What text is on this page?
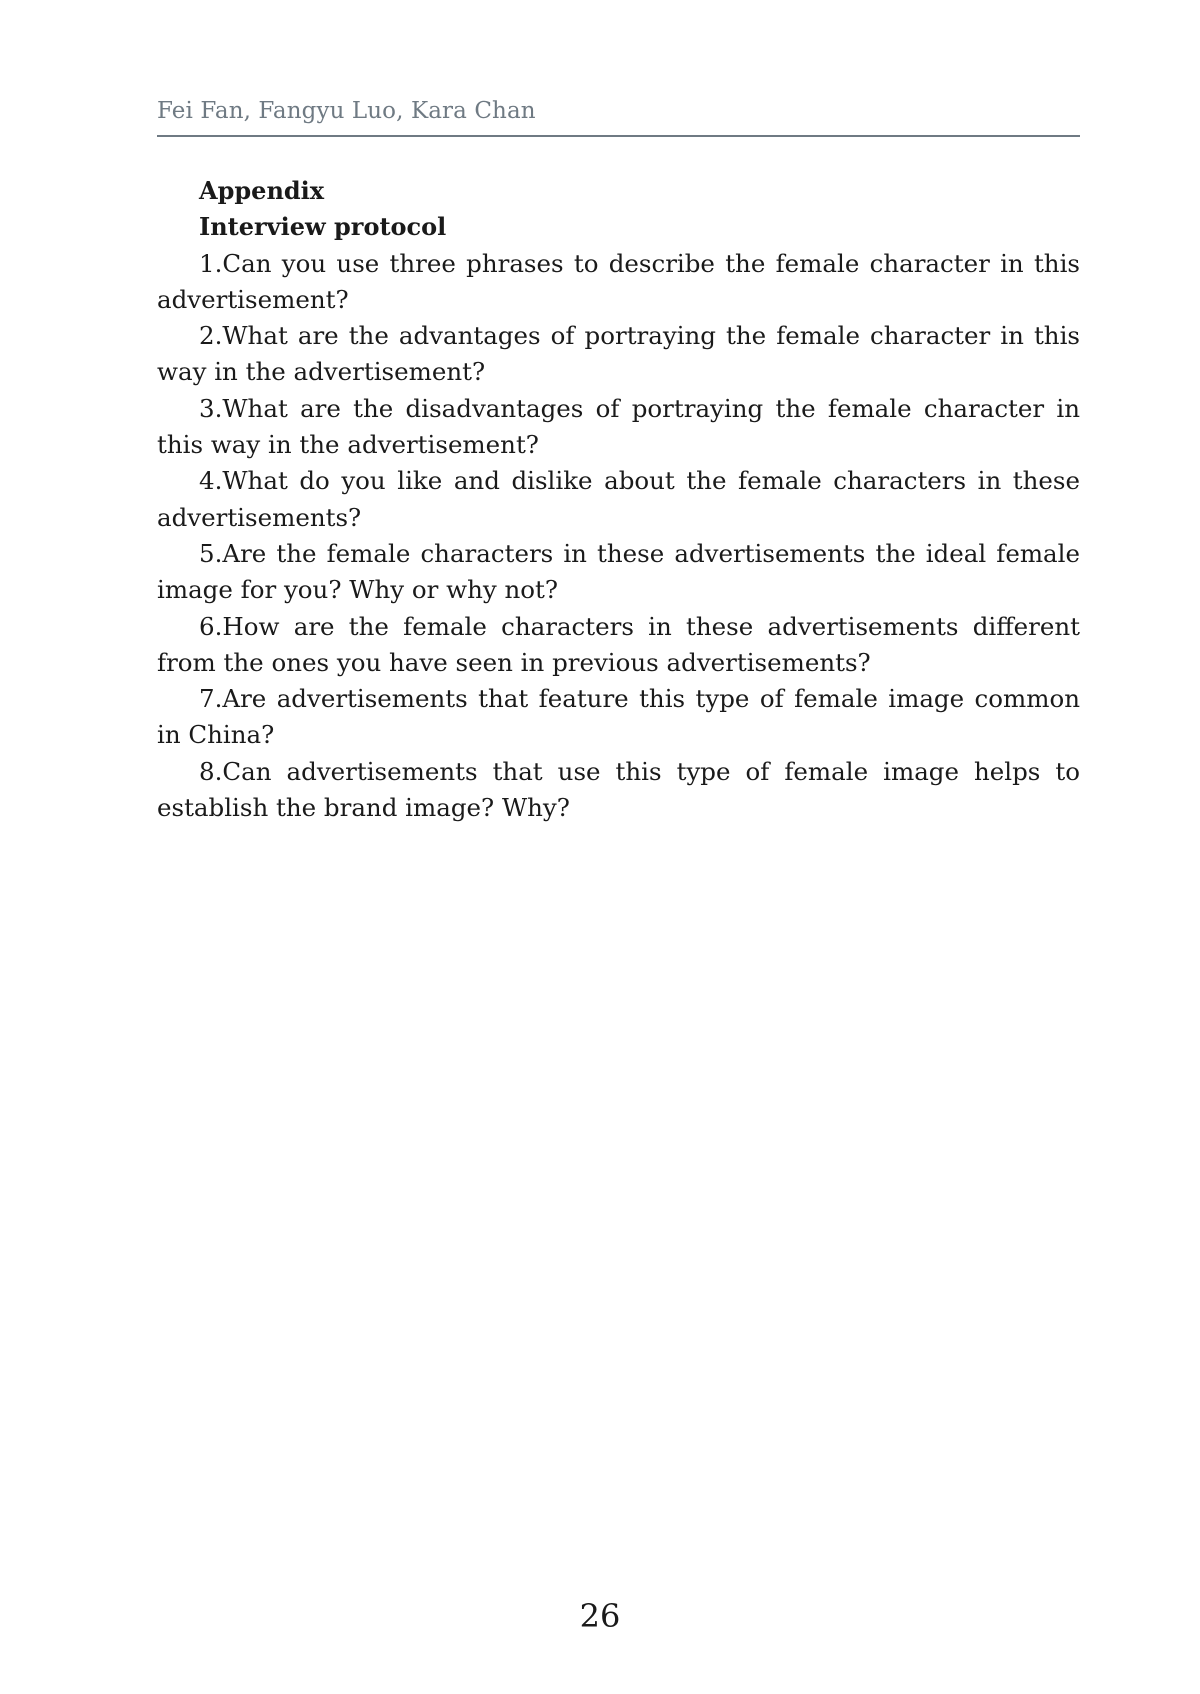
Fei Fan, Fangyu Luo, Kara Chan

Appendix

Interview protocol

1.Can you use three phrases to describe the female character in this advertisement?

2.What are the advantages of portraying the female character in this way in the advertisement?

3.What are the disadvantages of portraying the female character in this way in the advertisement?

4.What do you like and dislike about the female characters in these advertisements?

5.Are the female characters in these advertisements the ideal female image for you? Why or why not?

6.How are the female characters in these advertisements different from the ones you have seen in previous advertisements?

7.Are advertisements that feature this type of female image common in China?

8.Can advertisements that use this type of female image helps to establish the brand image? Why?

26
